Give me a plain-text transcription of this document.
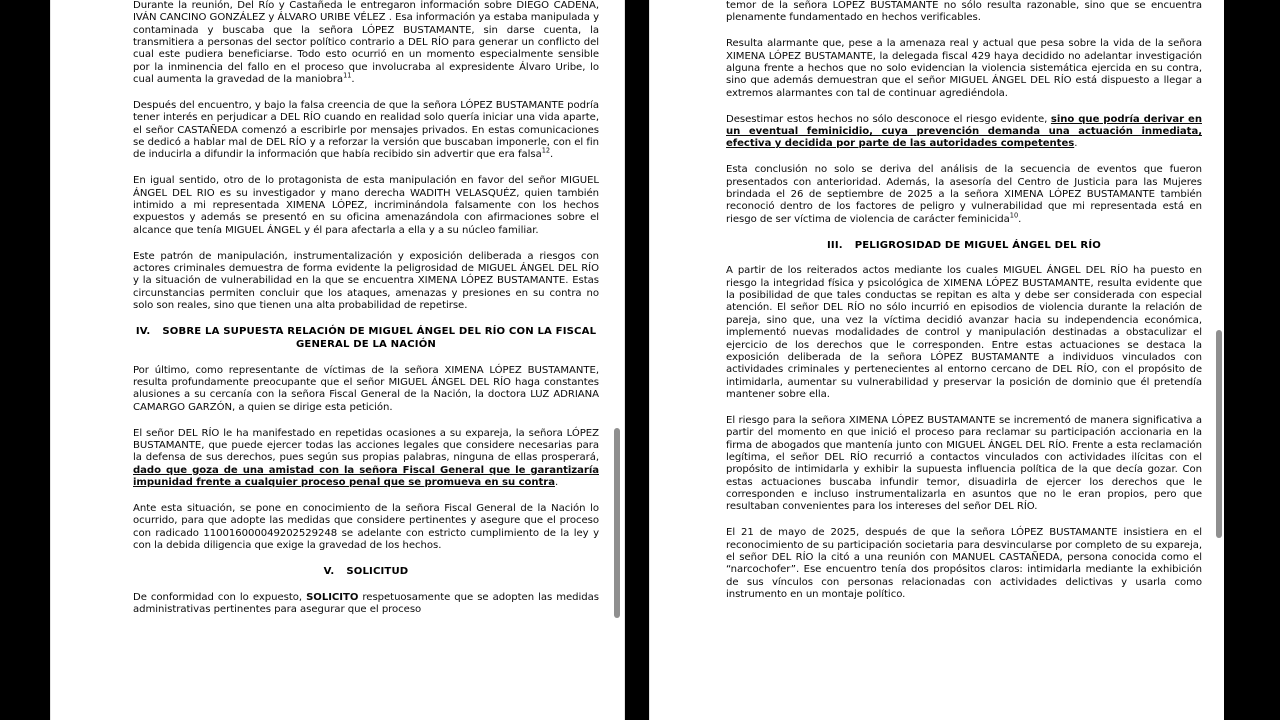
Durante la reunión, Del Río y Castañeda le entregaron información sobre DIEGO CADENA, IVÁN CANCINO GONZÁLEZ y ÁLVARO URIBE VÉLEZ . Esa información ya estaba manipulada y contaminada y buscaba que la señora LÓPEZ BUSTAMANTE, sin darse cuenta, la transmitiera a personas del sector político contrario a DEL RÍO para generar un conflicto del cual este pudiera beneficiarse. Todo esto ocurrió en un momento especialmente sensible por la inminencia del fallo en el proceso que involucraba al expresidente Álvaro Uribe, lo cual aumenta la gravedad de la maniobra$^{11}$.

Después del encuentro, y bajo la falsa creencia de que la señora LÓPEZ BUSTAMANTE podría tener interés en perjudicar a DEL RÍO cuando en realidad solo quería iniciar una vida aparte, el señor CASTAÑEDA comenzó a escribirle por mensajes privados. En estas comunicaciones se dedicó a hablar mal de DEL RÍO y a reforzar la versión que buscaban imponerle, con el fin de inducirla a difundir la información que había recibido sin advertir que era falsa$^{12}$.

En igual sentido, otro de lo protagonista de esta manipulación en favor del señor MIGUEL ÁNGEL DEL RIO es su investigador y mano derecha WADITH VELASQUÉZ, quien también intimido a mi representada XIMENA LÓPEZ, incriminándola falsamente con los hechos expuestos y además se presentó en su oficina amenazándola con afirmaciones sobre el alcance que tenía MIGUEL ÁNGEL y él para afectarla a ella y a su núcleo familiar.

Este patrón de manipulación, instrumentalización y exposición deliberada a riesgos con actores criminales demuestra de forma evidente la peligrosidad de MIGUEL ÁNGEL DEL RÍO y la situación de vulnerabilidad en la que se encuentra XIMENA LÓPEZ BUSTAMANTE. Estas circunstancias permiten concluir que los ataques, amenazas y presiones en su contra no solo son reales, sino que tienen una alta probabilidad de repetirse.

IV. SOBRE LA SUPUESTA RELACIÓN DE MIGUEL ÁNGEL DEL RÍO CON LA FISCAL GENERAL DE LA NACIÓN

Por último, como representante de víctimas de la señora XIMENA LÓPEZ BUSTAMANTE, resulta profundamente preocupante que el señor MIGUEL ÁNGEL DEL RÍO haga constantes alusiones a su cercanía con la señora Fiscal General de la Nación, la doctora LUZ ADRIANA CAMARGO GARZÓN, a quien se dirige esta petición.

El señor DEL RÍO le ha manifestado en repetidas ocasiones a su expareja, la señora LÓPEZ BUSTAMANTE, que puede ejercer todas las acciones legales que considere necesarias para la defensa de sus derechos, pues según sus propias palabras, ninguna de ellas prosperará, dado que goza de una amistad con la señora Fiscal General que le garantizaría impunidad frente a cualquier proceso penal que se promueva en su contra.

Ante esta situación, se pone en conocimiento de la señora Fiscal General de la Nación lo ocurrido, para que adopte las medidas que considere pertinentes y asegure que el proceso con radicado 110016000049202529248 se adelante con estricto cumplimiento de la ley y con la debida diligencia que exige la gravedad de los hechos.

V. SOLICITUD

De conformidad con lo expuesto, SOLICITO respetuosamente que se adopten las medidas administrativas pertinentes para asegurar que el proceso

temor de la señora LÓPEZ BUSTAMANTE no sólo resulta razonable, sino que se encuentra plenamente fundamentado en hechos verificables.

Resulta alarmante que, pese a la amenaza real y actual que pesa sobre la vida de la señora XIMENA LÓPEZ BUSTAMANTE, la delegada fiscal 429 haya decidido no adelantar investigación alguna frente a hechos que no solo evidencian la violencia sistemática ejercida en su contra, sino que además demuestran que el señor MIGUEL ÁNGEL DEL RÍO está dispuesto a llegar a extremos alarmantes con tal de continuar agrediéndola.

Desestimar estos hechos no sólo desconoce el riesgo evidente, sino que podría derivar en un eventual feminicidio, cuya prevención demanda una actuación inmediata, efectiva y decidida por parte de las autoridades competentes.

Esta conclusión no solo se deriva del análisis de la secuencia de eventos que fueron presentados con anterioridad. Además, la asesoría del Centro de Justicia para las Mujeres brindada el 26 de septiembre de 2025 a la señora XIMENA LÓPEZ BUSTAMANTE también reconoció dentro de los factores de peligro y vulnerabilidad que mi representada está en riesgo de ser víctima de violencia de carácter feminicida$^{10}$.

III. PELIGROSIDAD DE MIGUEL ÁNGEL DEL RÍO

A partir de los reiterados actos mediante los cuales MIGUEL ÁNGEL DEL RÍO ha puesto en riesgo la integridad física y psicológica de XIMENA LÓPEZ BUSTAMANTE, resulta evidente que la posibilidad de que tales conductas se repitan es alta y debe ser considerada con especial atención. El señor DEL RÍO no sólo incurrió en episodios de violencia durante la relación de pareja, sino que, una vez la víctima decidió avanzar hacia su independencia económica, implementó nuevas modalidades de control y manipulación destinadas a obstaculizar el ejercicio de los derechos que le corresponden. Entre estas actuaciones se destaca la exposición deliberada de la señora LÓPEZ BUSTAMANTE a individuos vinculados con actividades criminales y pertenecientes al entorno cercano de DEL RÍO, con el propósito de intimidarla, aumentar su vulnerabilidad y preservar la posición de dominio que él pretendía mantener sobre ella.

El riesgo para la señora XIMENA LÓPEZ BUSTAMANTE se incrementó de manera significativa a partir del momento en que inició el proceso para reclamar su participación accionaria en la firma de abogados que mantenía junto con MIGUEL ÁNGEL DEL RÍO. Frente a esta reclamación legítima, el señor DEL RÍO recurrió a contactos vinculados con actividades ilícitas con el propósito de intimidarla y exhibir la supuesta influencia política de la que decía gozar. Con estas actuaciones buscaba infundir temor, disuadirla de ejercer los derechos que le corresponden e incluso instrumentalizarla en asuntos que no le eran propios, pero que resultaban convenientes para los intereses del señor DEL RÍO.

El 21 de mayo de 2025, después de que la señora LÓPEZ BUSTAMANTE insistiera en el reconocimiento de su participación societaria para desvincularse por completo de su expareja, el señor DEL RÍO la citó a una reunión con MANUEL CASTAÑEDA, persona conocida como el “narcochofer”. Ese encuentro tenía dos propósitos claros: intimidarla mediante la exhibición de sus vínculos con personas relacionadas con actividades delictivas y usarla como instrumento en un montaje político.
